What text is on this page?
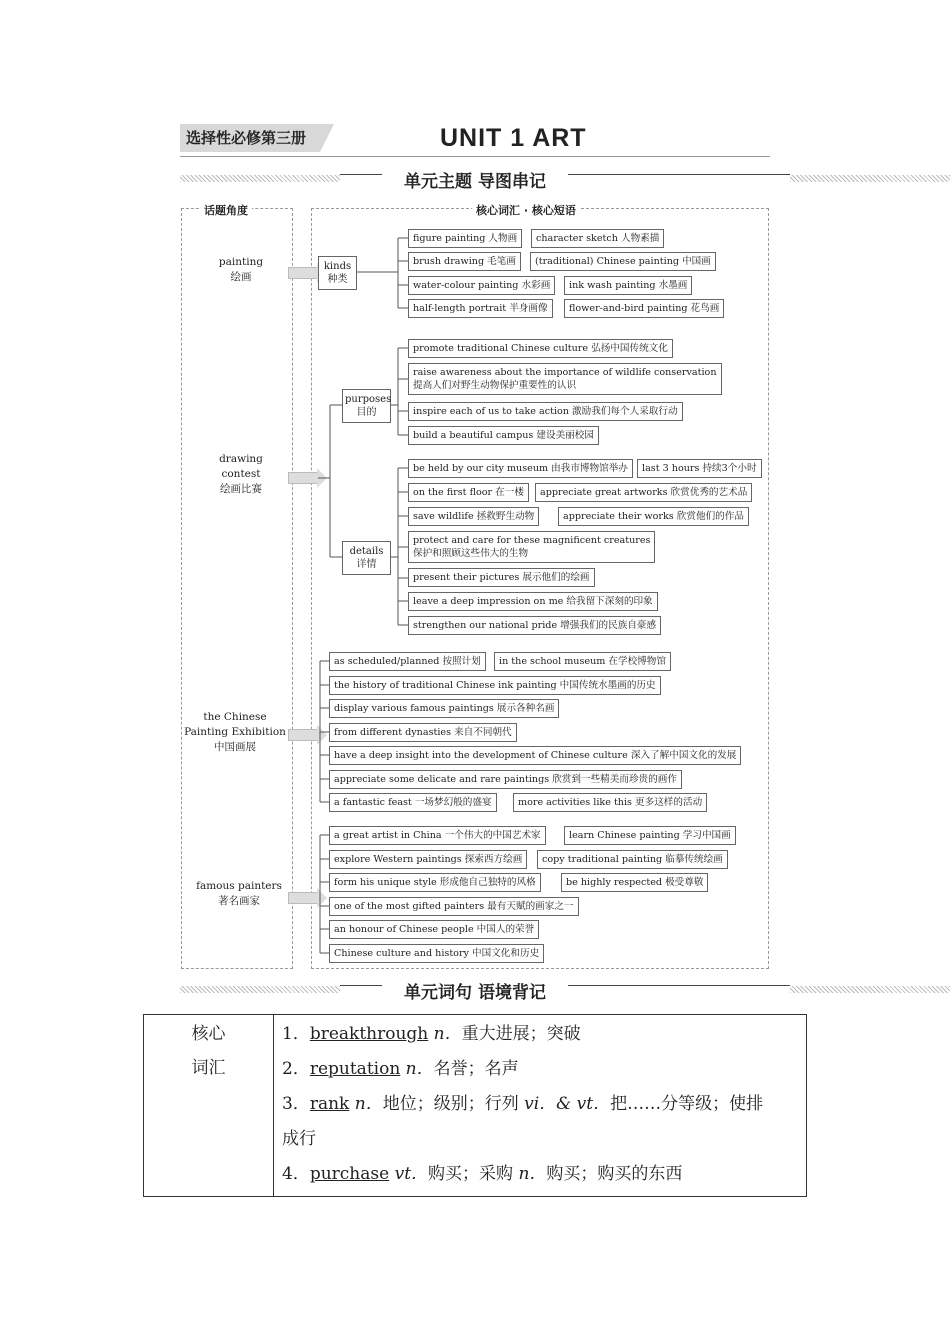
选择性必修第三册	UNIT 1 ART
单元主题 导图串记
话题角度	核心词汇 · 核心短语
painting
绘画
drawing
contest
绘画比赛
the Chinese
Painting Exhibition
中国画展
famous painters
著名画家
kinds
种类
purposes
目的
details
详情
figure painting 人物画	character sketch 人物素描
brush drawing 毛笔画	(traditional) Chinese painting 中国画
water-colour painting 水彩画	ink wash painting 水墨画
half-length portrait 半身画像	flower-and-bird painting 花鸟画
promote traditional Chinese culture 弘扬中国传统文化
raise awareness about the importance of wildlife conservation
提高人们对野生动物保护重要性的认识
inspire each of us to take action 激励我们每个人采取行动
build a beautiful campus 建设美丽校园
be held by our city museum 由我市博物馆举办	last 3 hours 持续3个小时
on the first floor 在一楼	appreciate great artworks 欣赏优秀的艺术品
save wildlife 拯救野生动物	appreciate their works 欣赏他们的作品
protect and care for these magnificent creatures
保护和照顾这些伟大的生物
present their pictures 展示他们的绘画
leave a deep impression on me 给我留下深刻的印象
strengthen our national pride 增强我们的民族自豪感
as scheduled/planned 按照计划	in the school museum 在学校博物馆
the history of traditional Chinese ink painting 中国传统水墨画的历史
display various famous paintings 展示各种名画
from different dynasties 来自不同朝代
have a deep insight into the development of Chinese culture 深入了解中国文化的发展
appreciate some delicate and rare paintings 欣赏到一些精美而珍贵的画作
a fantastic feast 一场梦幻般的盛宴	more activities like this 更多这样的活动
a great artist in China 一个伟大的中国艺术家	learn Chinese painting 学习中国画
explore Western paintings 探索西方绘画	copy traditional painting 临摹传统绘画
form his unique style 形成他自己独特的风格	be highly respected 极受尊敬
one of the most gifted painters 最有天赋的画家之一
an honour of Chinese people 中国人的荣誉
Chinese culture and history 中国文化和历史
单元词句 语境背记
核心
词汇

1．breakthrough n．重大进展；突破
2．reputation n．名誉；名声
3．rank n．地位；级别；行列 vi．& vt．把……分等级；使排
成行
4．purchase vt．购买；采购 n．购买；购买的东西
